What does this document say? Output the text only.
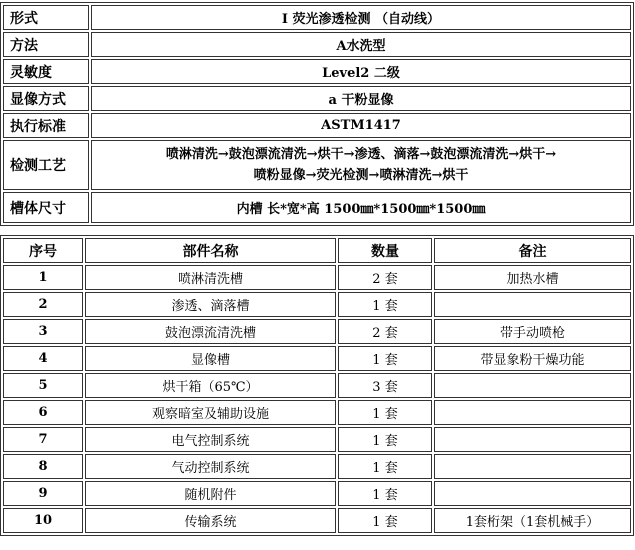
形式	I 荧光渗透检测 （自动线）
方法	A水洗型
灵敏度	Level2 二级
显像方式	a 干粉显像
执行标准	ASTM1417
检测工艺	喷淋清洗→鼓泡漂流清洗→烘干→渗透、滴落→鼓泡漂流清洗→烘干→
喷粉显像→荧光检测→喷淋清洗→烘干

槽体尺寸	内槽 长*宽*高 1500㎜*1500㎜*1500㎜
序号	部件名称	数量	备注
1	喷淋清洗槽	2 套	加热水槽
2	渗透、滴落槽	1 套	
3	鼓泡漂流清洗槽	2 套	带手动喷枪
4	显像槽	1 套	带显象粉干燥功能
5	烘干箱（65℃）	3 套	
6	观察暗室及辅助设施	1 套	
7	电气控制系统	1 套	
8	气动控制系统	1 套	
9	随机附件	1 套	
10	传输系统	1 套	1套桁架（1套机械手）
